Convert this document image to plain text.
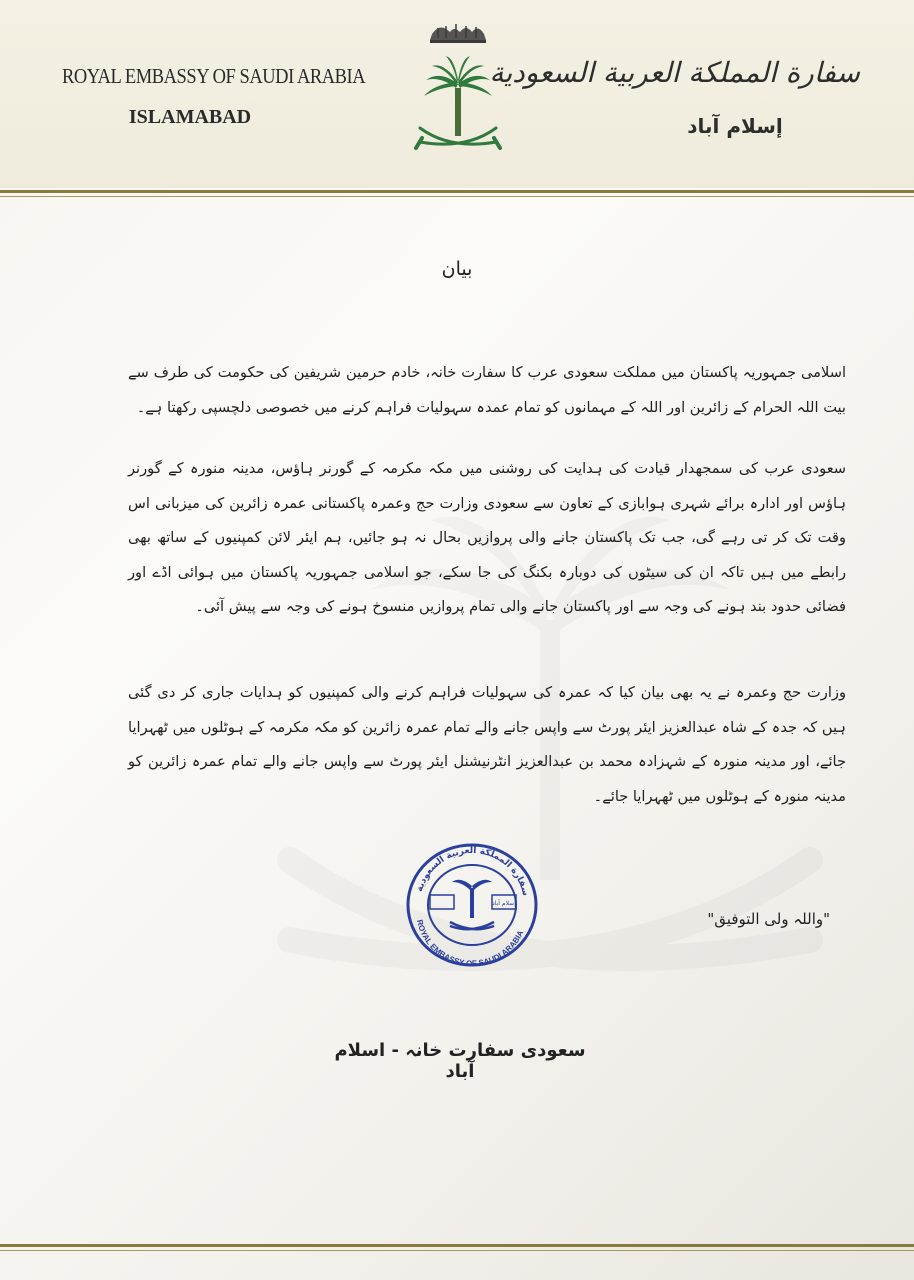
ROYAL EMBASSY OF SAUDI ARABIA
ISLAMABAD
سفارة المملكة العربية السعودية
إسلام آباد
بیان
اسلامی جمہوریہ پاکستان میں مملکت سعودی عرب کا سفارت خانہ، خادم حرمین شریفین کی حکومت کی طرف سے بیت اللہ الحرام کے زائرین اور اللہ کے مہمانوں کو تمام عمدہ سہولیات فراہم کرنے میں خصوصی دلچسپی رکھتا ہے۔
سعودی عرب کی سمجھدار قیادت کی ہدایت کی روشنی میں مکہ مکرمہ کے گورنر ہاؤس، مدینہ منورہ کے گورنر ہاؤس اور ادارہ برائے شہری ہوابازی کے تعاون سے سعودی وزارت حج وعمرہ پاکستانی عمرہ زائرین کی میزبانی اس وقت تک کر تی رہے گی، جب تک پاکستان جانے والی پروازیں بحال نہ ہو جائیں، ہم ایئر لائن کمپنیوں کے ساتھ بھی رابطے میں ہیں تاکہ ان کی سیٹوں کی دوبارہ بکنگ کی جا سکے، جو اسلامی جمہوریہ پاکستان میں ہوائی اڈے اور فضائی حدود بند ہونے کی وجہ سے اور پاکستان جانے والی تمام پروازیں منسوخ ہونے کی وجہ سے پیش آئی۔
وزارت حج وعمرہ نے یہ بھی بیان کیا کہ عمرہ کی سہولیات فراہم کرنے والی کمپنیوں کو ہدایات جاری کر دی گئی ہیں کہ جدہ کے شاہ عبدالعزیز ایئر پورٹ سے واپس جانے والے تمام عمرہ زائرین کو مکہ مکرمہ کے ہوٹلوں میں ٹھہرایا جائے، اور مدینہ منورہ کے شہزادہ محمد بن عبدالعزیز انٹرنیشنل ایئر پورٹ سے واپس جانے والے تمام عمرہ زائرین کو مدینہ منورہ کے ہوٹلوں میں ٹھہرایا جائے۔
سفارة المملكة العربية السعودية
ROYAL EMBASSY OF SAUDI ARABIA
إسلام آباد
"واللہ ولی التوفیق"
سعودی سفارت خانہ - اسلام آباد
